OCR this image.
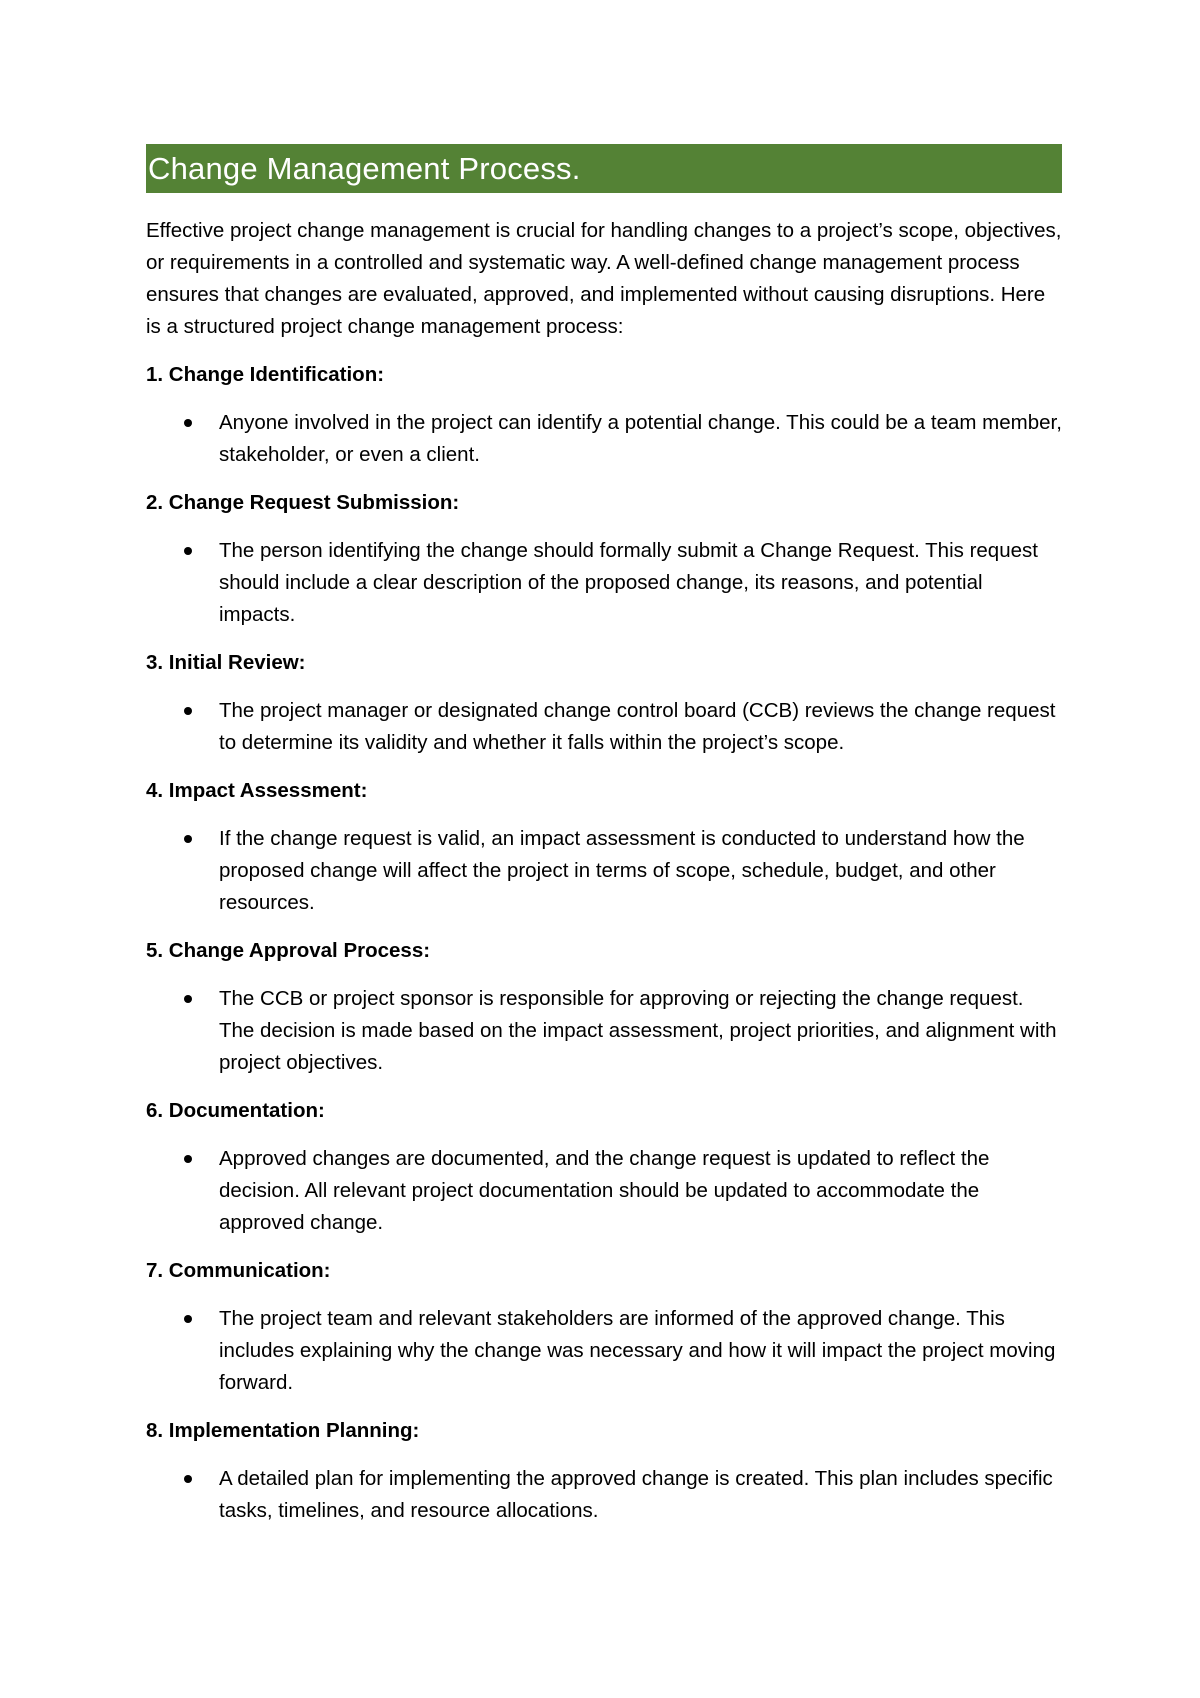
Change Management Process.

Effective project change management is crucial for handling changes to a project’s scope, objectives, or requirements in a controlled and systematic way. A well-defined change management process ensures that changes are evaluated, approved, and implemented without causing disruptions. Here is a structured project change management process:

1. Change Identification:

Anyone involved in the project can identify a potential change. This could be a team member, stakeholder, or even a client.

2. Change Request Submission:

The person identifying the change should formally submit a Change Request. This request should include a clear description of the proposed change, its reasons, and potential impacts.

3. Initial Review:

The project manager or designated change control board (CCB) reviews the change request to determine its validity and whether it falls within the project’s scope.

4. Impact Assessment:

If the change request is valid, an impact assessment is conducted to understand how the proposed change will affect the project in terms of scope, schedule, budget, and other resources.

5. Change Approval Process:

The CCB or project sponsor is responsible for approving or rejecting the change request. The decision is made based on the impact assessment, project priorities, and alignment with project objectives.

6. Documentation:

Approved changes are documented, and the change request is updated to reflect the decision. All relevant project documentation should be updated to accommodate the approved change.

7. Communication:

The project team and relevant stakeholders are informed of the approved change. This includes explaining why the change was necessary and how it will impact the project moving forward.

8. Implementation Planning:

A detailed plan for implementing the approved change is created. This plan includes specific tasks, timelines, and resource allocations.
